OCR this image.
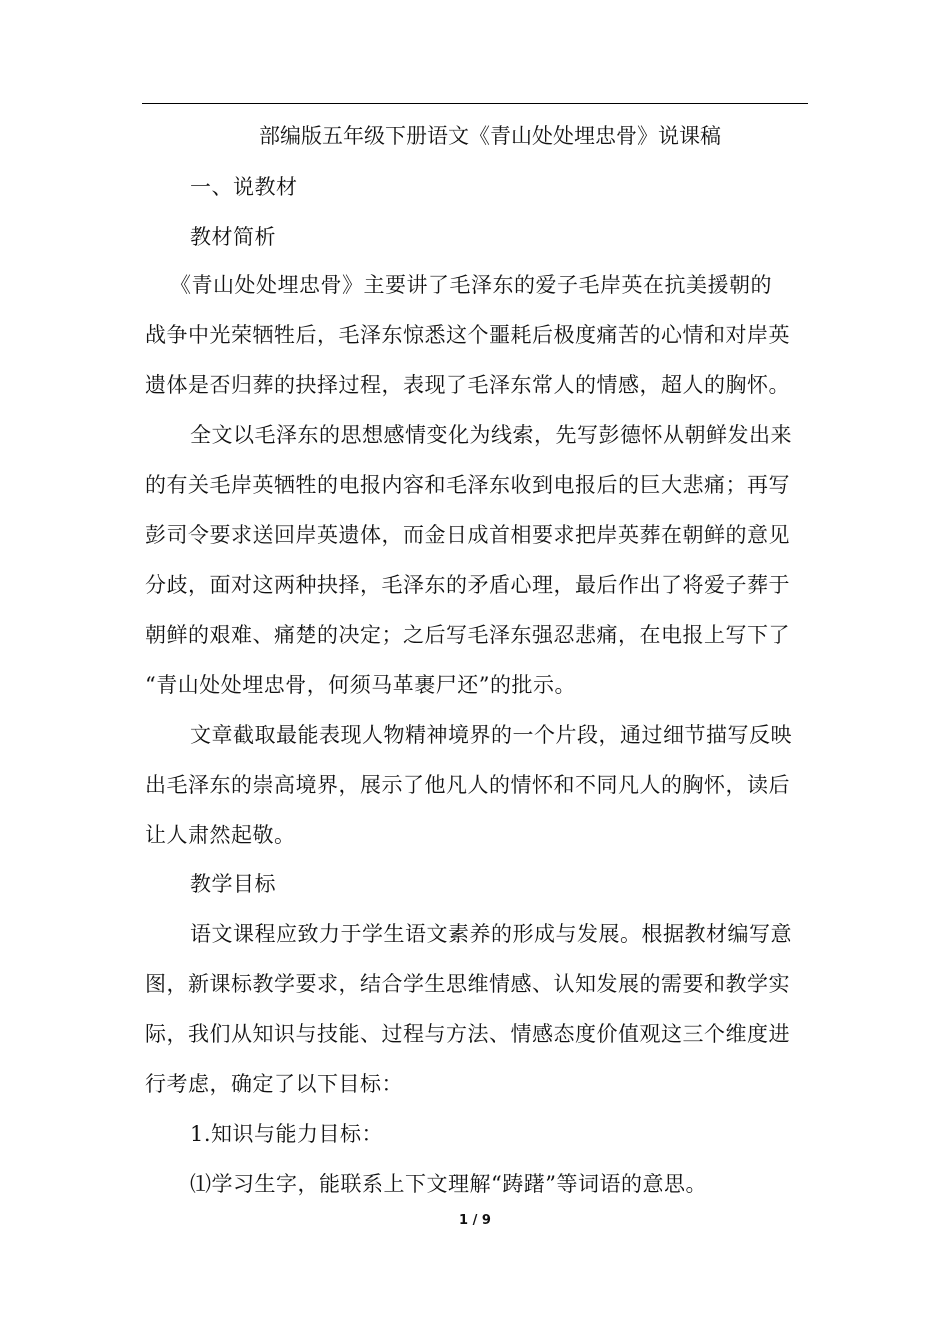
部编版五年级下册语文《青山处处埋忠骨》说课稿
一、说教材
教材简析
《青山处处埋忠骨》主要讲了毛泽东的爱子毛岸英在抗美援朝的
战争中光荣牺牲后，毛泽东惊悉这个噩耗后极度痛苦的心情和对岸英
遗体是否归葬的抉择过程，表现了毛泽东常人的情感，超人的胸怀。
全文以毛泽东的思想感情变化为线索，先写彭德怀从朝鲜发出来
的有关毛岸英牺牲的电报内容和毛泽东收到电报后的巨大悲痛；再写
彭司令要求送回岸英遗体，而金日成首相要求把岸英葬在朝鲜的意见
分歧，面对这两种抉择，毛泽东的矛盾心理，最后作出了将爱子葬于
朝鲜的艰难、痛楚的决定；之后写毛泽东强忍悲痛，在电报上写下了
“青山处处埋忠骨，何须马革裹尸还”的批示。
文章截取最能表现人物精神境界的一个片段，通过细节描写反映
出毛泽东的崇高境界，展示了他凡人的情怀和不同凡人的胸怀，读后
让人肃然起敬。
教学目标
语文课程应致力于学生语文素养的形成与发展。根据教材编写意
图，新课标教学要求，结合学生思维情感、认知发展的需要和教学实
际，我们从知识与技能、过程与方法、情感态度价值观这三个维度进
行考虑，确定了以下目标：
1.知识与能力目标：
⑴学习生字，能联系上下文理解“踌躇”等词语的意思。
1 / 9
